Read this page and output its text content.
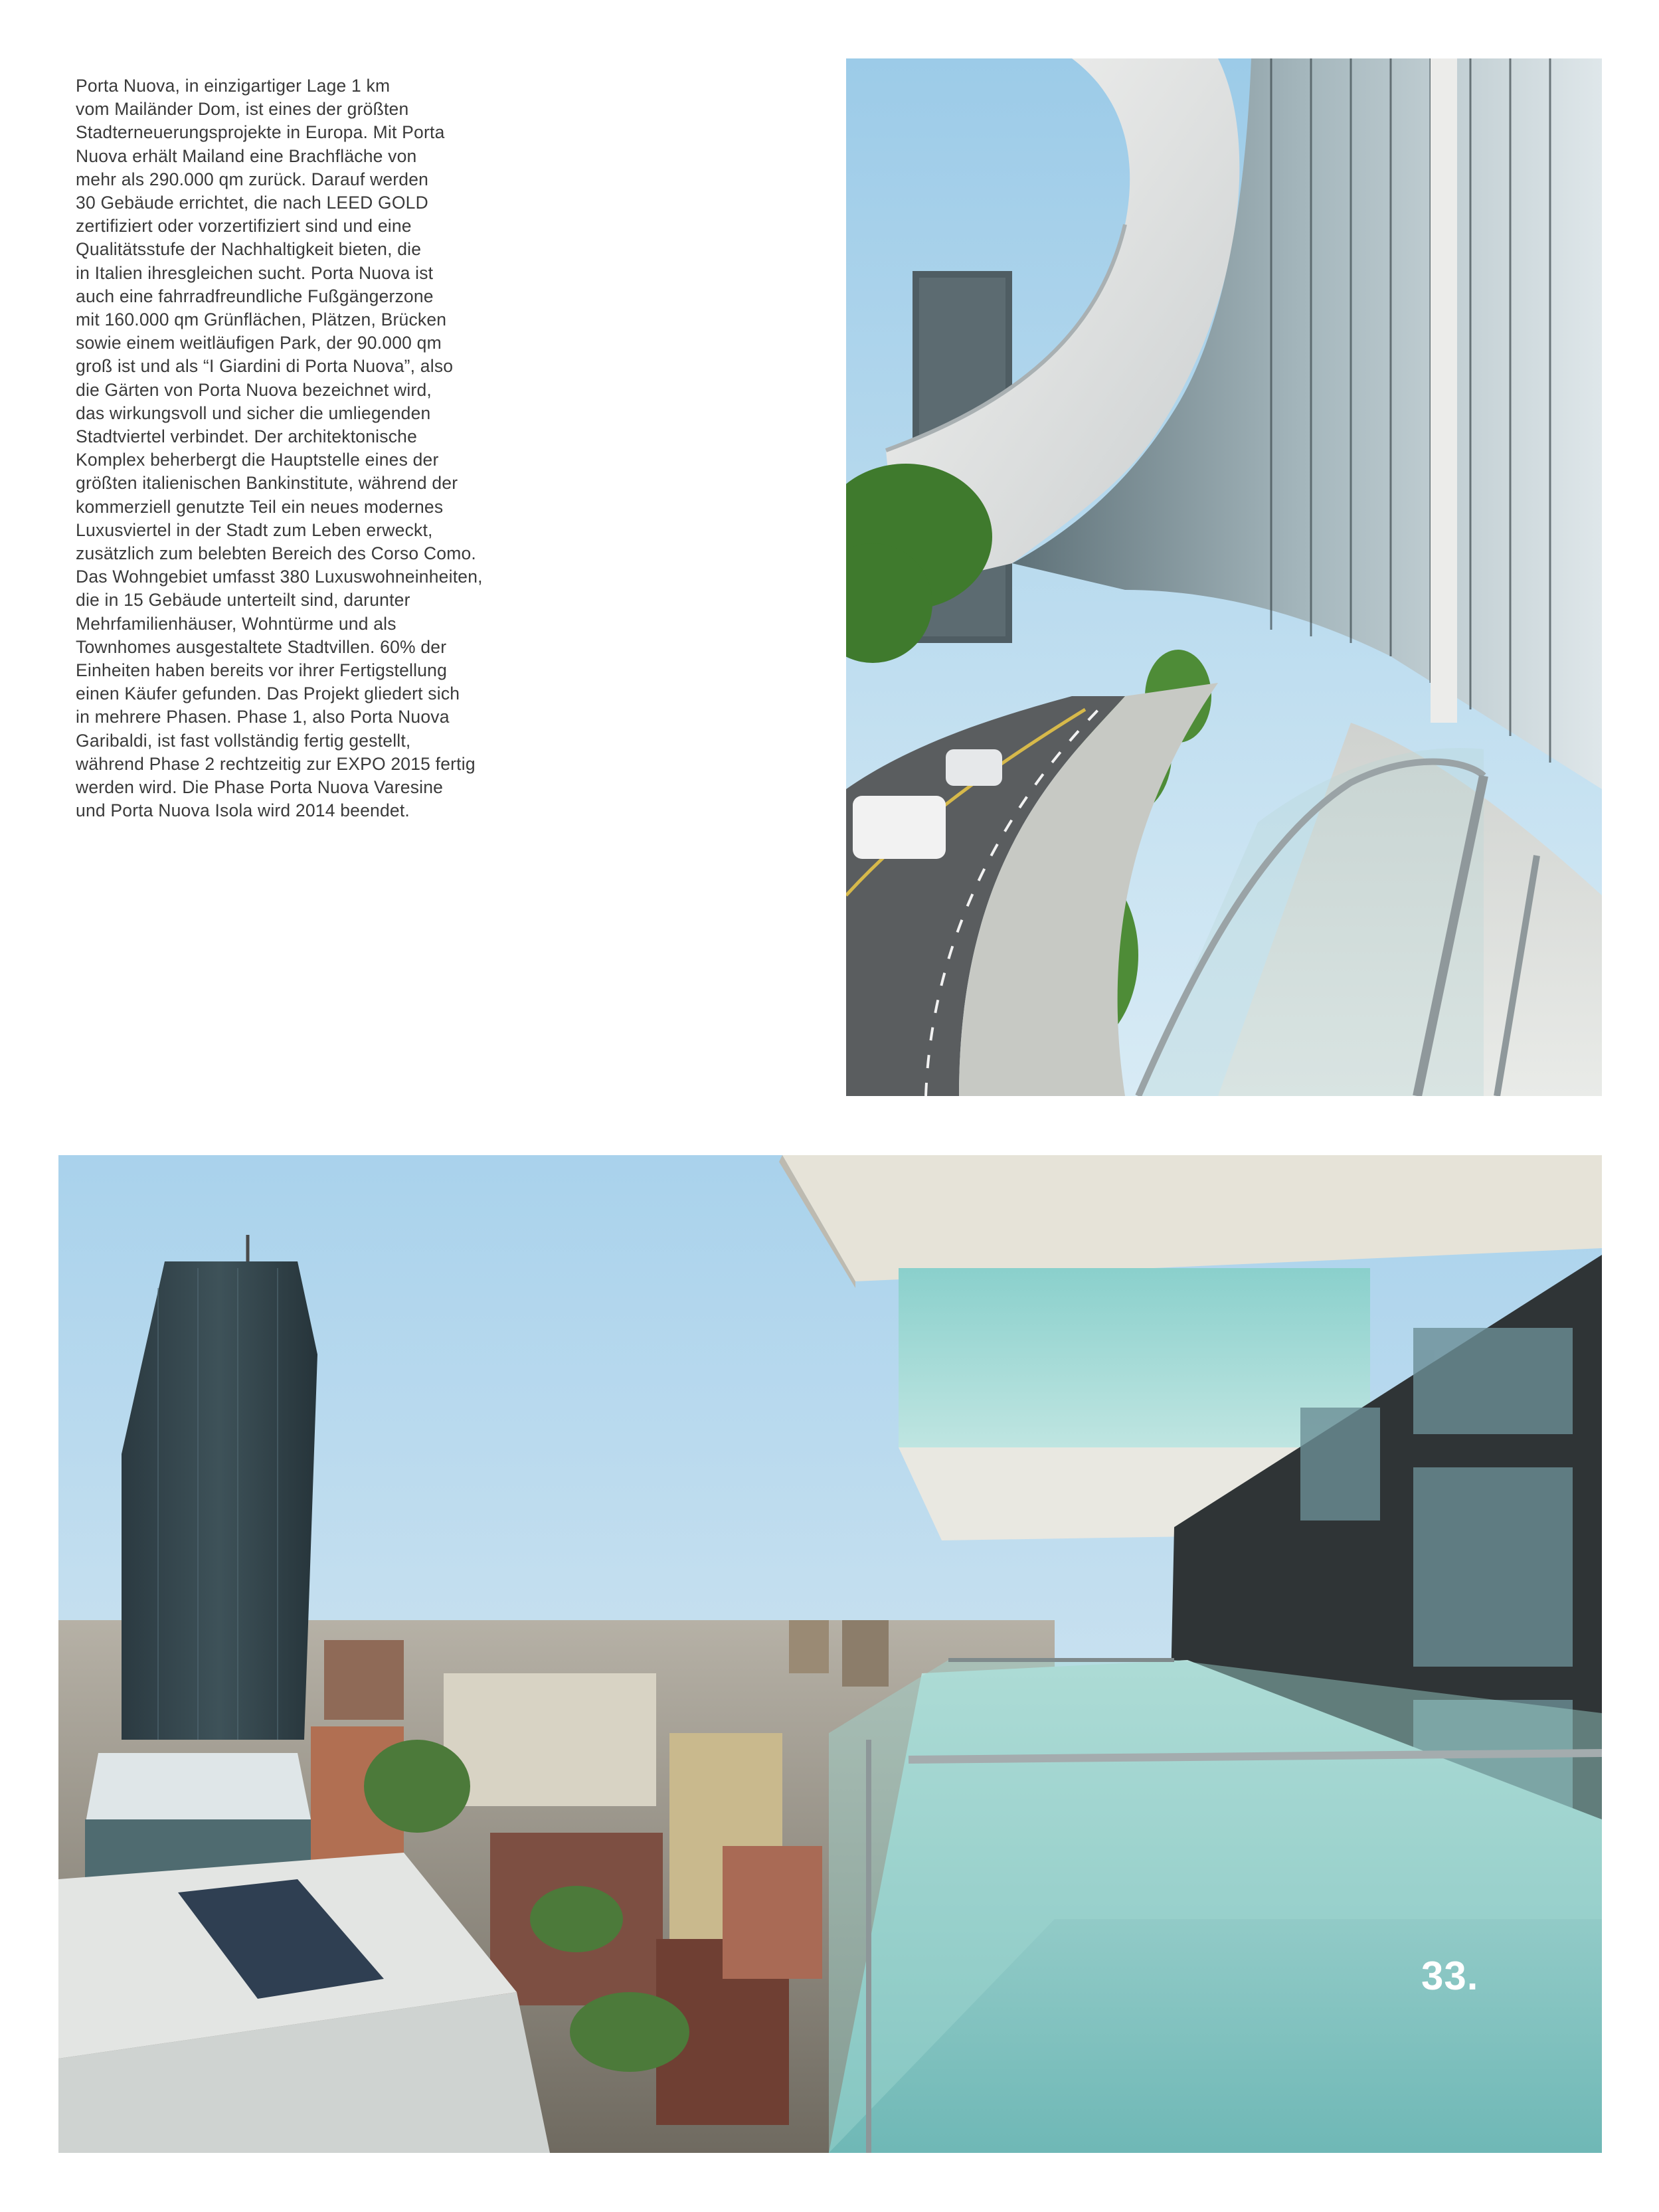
Porta Nuova, in einzigartiger Lage 1 km
vom Mailänder Dom, ist eines der größten
Stadterneuerungsprojekte in Europa. Mit Porta
Nuova erhält Mailand eine Brachfläche von
mehr als 290.000 qm zurück. Darauf werden
30 Gebäude errichtet, die nach LEED GOLD
zertifiziert oder vorzertifiziert sind und eine
Qualitätsstufe der Nachhaltigkeit bieten, die
in Italien ihresgleichen sucht. Porta Nuova ist
auch eine fahrradfreundliche Fußgängerzone
mit 160.000 qm Grünflächen, Plätzen, Brücken
sowie einem weitläufigen Park, der 90.000 qm
groß ist und als “I Giardini di Porta Nuova”, also
die Gärten von Porta Nuova bezeichnet wird,
das wirkungsvoll und sicher die umliegenden
Stadtviertel verbindet. Der architektonische
Komplex beherbergt die Hauptstelle eines der
größten italienischen Bankinstitute, während der
kommerziell genutzte Teil ein neues modernes
Luxusviertel in der Stadt zum Leben erweckt,
zusätzlich zum belebten Bereich des Corso Como.
Das Wohngebiet umfasst 380 Luxuswohneinheiten,
die in 15 Gebäude unterteilt sind, darunter
Mehrfamilienhäuser, Wohntürme und als
Townhomes ausgestaltete Stadtvillen. 60% der
Einheiten haben bereits vor ihrer Fertigstellung
einen Käufer gefunden. Das Projekt gliedert sich
in mehrere Phasen. Phase 1, also Porta Nuova
Garibaldi, ist fast vollständig fertig gestellt,
während Phase 2 rechtzeitig zur EXPO 2015 fertig
werden wird. Die Phase Porta Nuova Varesine
und Porta Nuova Isola wird 2014 beendet.
33.
